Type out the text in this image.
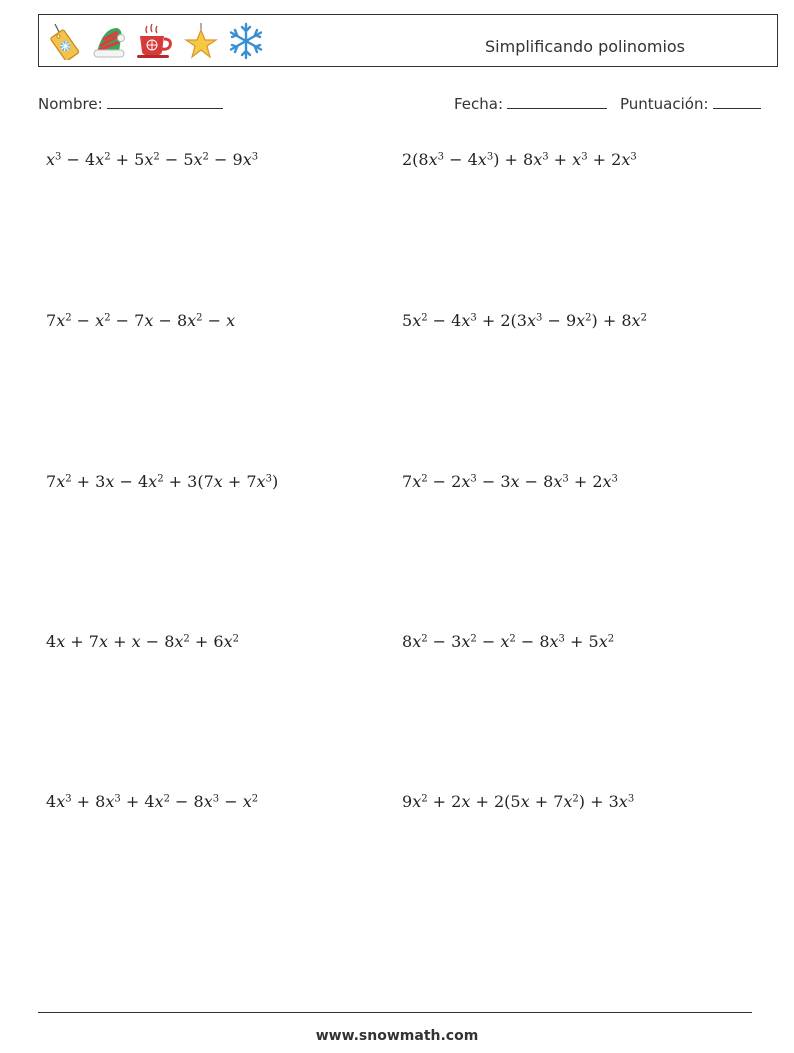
Simplificando polinomios
Nombre:	Fecha:	Puntuación:
$x^3 - 4x^2 + 5x^2 - 5x^2 - 9x^3$	$2(8x^3 - 4x^3) + 8x^3 + x^3 + 2x^3$
$7x^2 - x^2 - 7x - 8x^2 - x$	$5x^2 - 4x^3 + 2(3x^3 - 9x^2) + 8x^2$
$7x^2 + 3x - 4x^2 + 3(7x + 7x^3)$	$7x^2 - 2x^3 - 3x - 8x^3 + 2x^3$
$4x + 7x + x - 8x^2 + 6x^2$	$8x^2 - 3x^2 - x^2 - 8x^3 + 5x^2$
$4x^3 + 8x^3 + 4x^2 - 8x^3 - x^2$	$9x^2 + 2x + 2(5x + 7x^2) + 3x^3$
www.snowmath.com
